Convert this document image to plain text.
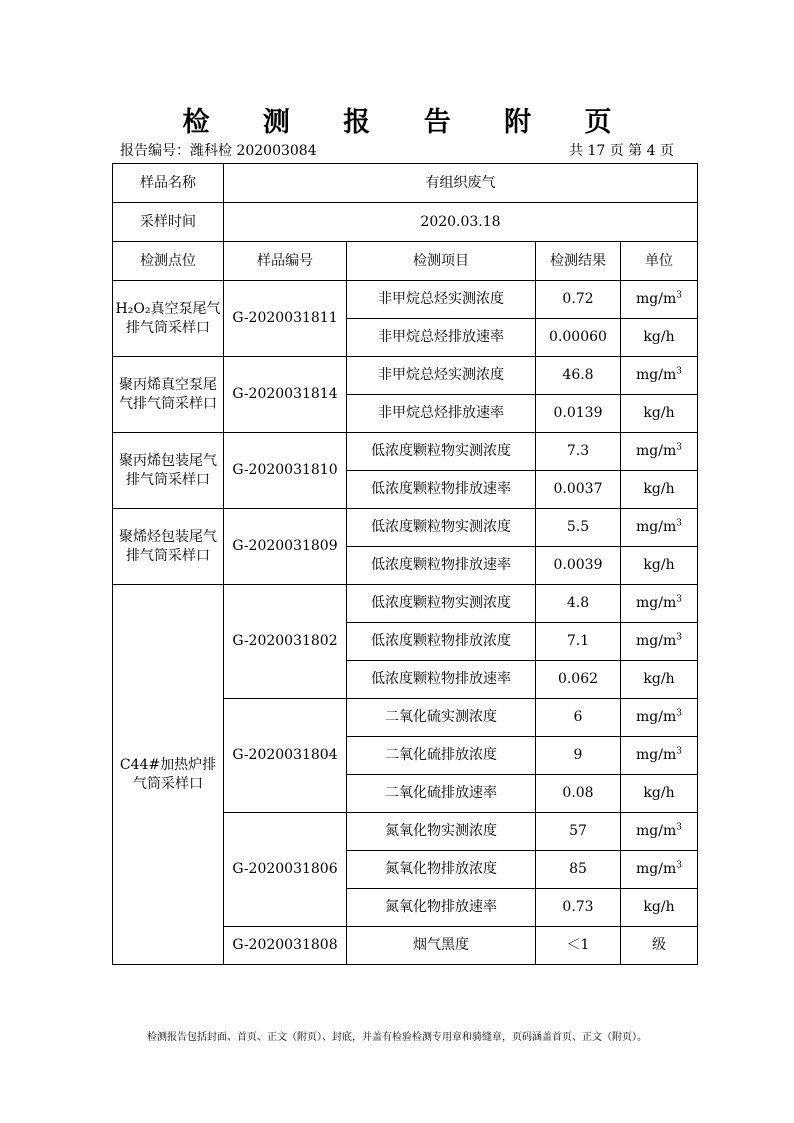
检 测 报 告 附 页
报告编号：潍科检 202003084	共 17 页 第 4 页
样品名称	有组织废气			
采样时间	2020.03.18			
检测点位	样品编号	检测项目	检测结果	单位
H₂O₂真空泵尾气排气筒采样口	G-2020031811	非甲烷总烃实测浓度	0.72	$mg/m^3$
		非甲烷总烃排放速率	0.00060	kg/h
聚丙烯真空泵尾气排气筒采样口	G-2020031814	非甲烷总烃实测浓度	46.8	$mg/m^3$
		非甲烷总烃排放速率	0.0139	kg/h
聚丙烯包装尾气排气筒采样口	G-2020031810	低浓度颗粒物实测浓度	7.3	$mg/m^3$
		低浓度颗粒物排放速率	0.0037	kg/h
聚烯烃包装尾气排气筒采样口	G-2020031809	低浓度颗粒物实测浓度	5.5	$mg/m^3$
		低浓度颗粒物排放速率	0.0039	kg/h
C44#加热炉排气筒采样口	G-2020031802	低浓度颗粒物实测浓度	4.8	$mg/m^3$
		低浓度颗粒物排放浓度	7.1	$mg/m^3$
		低浓度颗粒物排放速率	0.062	kg/h
	G-2020031804	二氧化硫实测浓度	6	$mg/m^3$
		二氧化硫排放浓度	9	$mg/m^3$
		二氧化硫排放速率	0.08	kg/h
	G-2020031806	氮氧化物实测浓度	57	$mg/m^3$
		氮氧化物排放浓度	85	$mg/m^3$
		氮氧化物排放速率	0.73	kg/h
	G-2020031808	烟气黑度	＜1	级
检测报告包括封面、首页、正文（附页）、封底，并盖有检验检测专用章和骑缝章，页码涵盖首页、正文（附页）。
